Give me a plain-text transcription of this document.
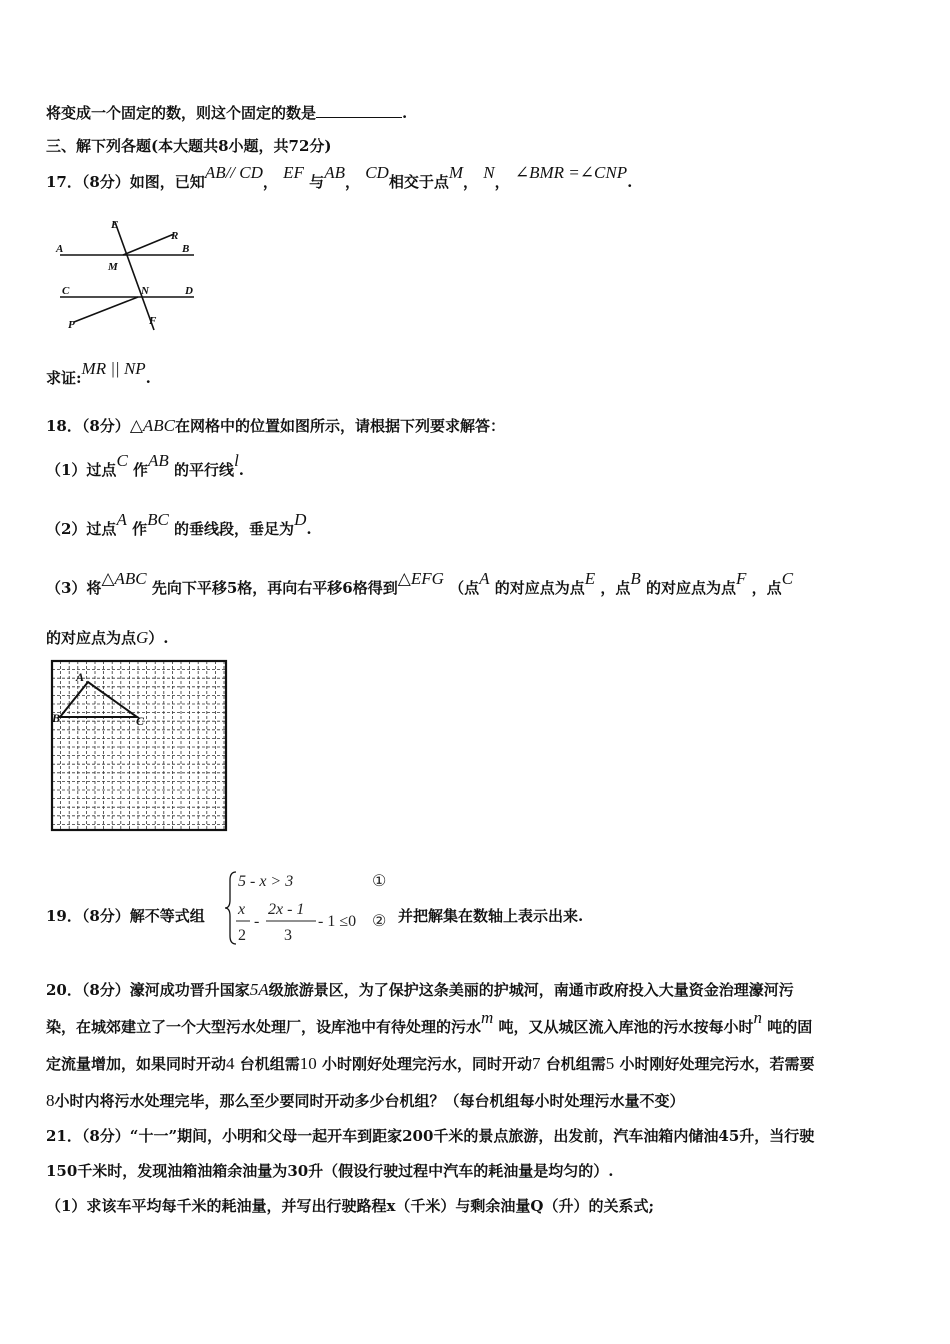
将变成一个固定的数，则这个固定的数是	.
三、解下列各题(本大题共8小题，共72分)
17．（8分）如图，已知AB// CD， EF 与AB， CD相交于点M， N， ∠BMR =∠CNP.
E
R
A	B
M
C	N	D
P	F
求证:MR || NP.
18．（8分）△ABC在网格中的位置如图所示，请根据下列要求解答：
（1）过点C 作AB 的平行线l.
（2）过点A 作BC 的垂线段，垂足为D.
（3）将△ABC 先向下平移5格，再向右平移6格得到△EFG （点A 的对应点为点E ，点B 的对应点为点F ，点C
的对应点为点G）.
A
B	C
19．（8分）解不等式组
5 - x > 3	①
x
2
-
2x - 1
3
- 1 ≤0 ② 并把解集在数轴上表示出来.
20．（8分）濠河成功晋升国家5A级旅游景区，为了保护这条美丽的护城河，南通市政府投入大量资金治理濠河污
染，在城郊建立了一个大型污水处理厂，设库池中有待处理的污水m 吨，又从城区流入库池的污水按每小时n 吨的固
定流量增加，如果同时开动4 台机组需10 小时刚好处理完污水，同时开动7 台机组需5 小时刚好处理完污水，若需要
8小时内将污水处理完毕，那么至少要同时开动多少台机组？（每台机组每小时处理污水量不变）
21．（8分）“十一”期间，小明和父母一起开车到距家200千米的景点旅游，出发前，汽车油箱内储油45升，当行驶
150千米时，发现油箱油箱余油量为30升（假设行驶过程中汽车的耗油量是均匀的）.
（1）求该车平均每千米的耗油量，并写出行驶路程x（千米）与剩余油量Q（升）的关系式;
